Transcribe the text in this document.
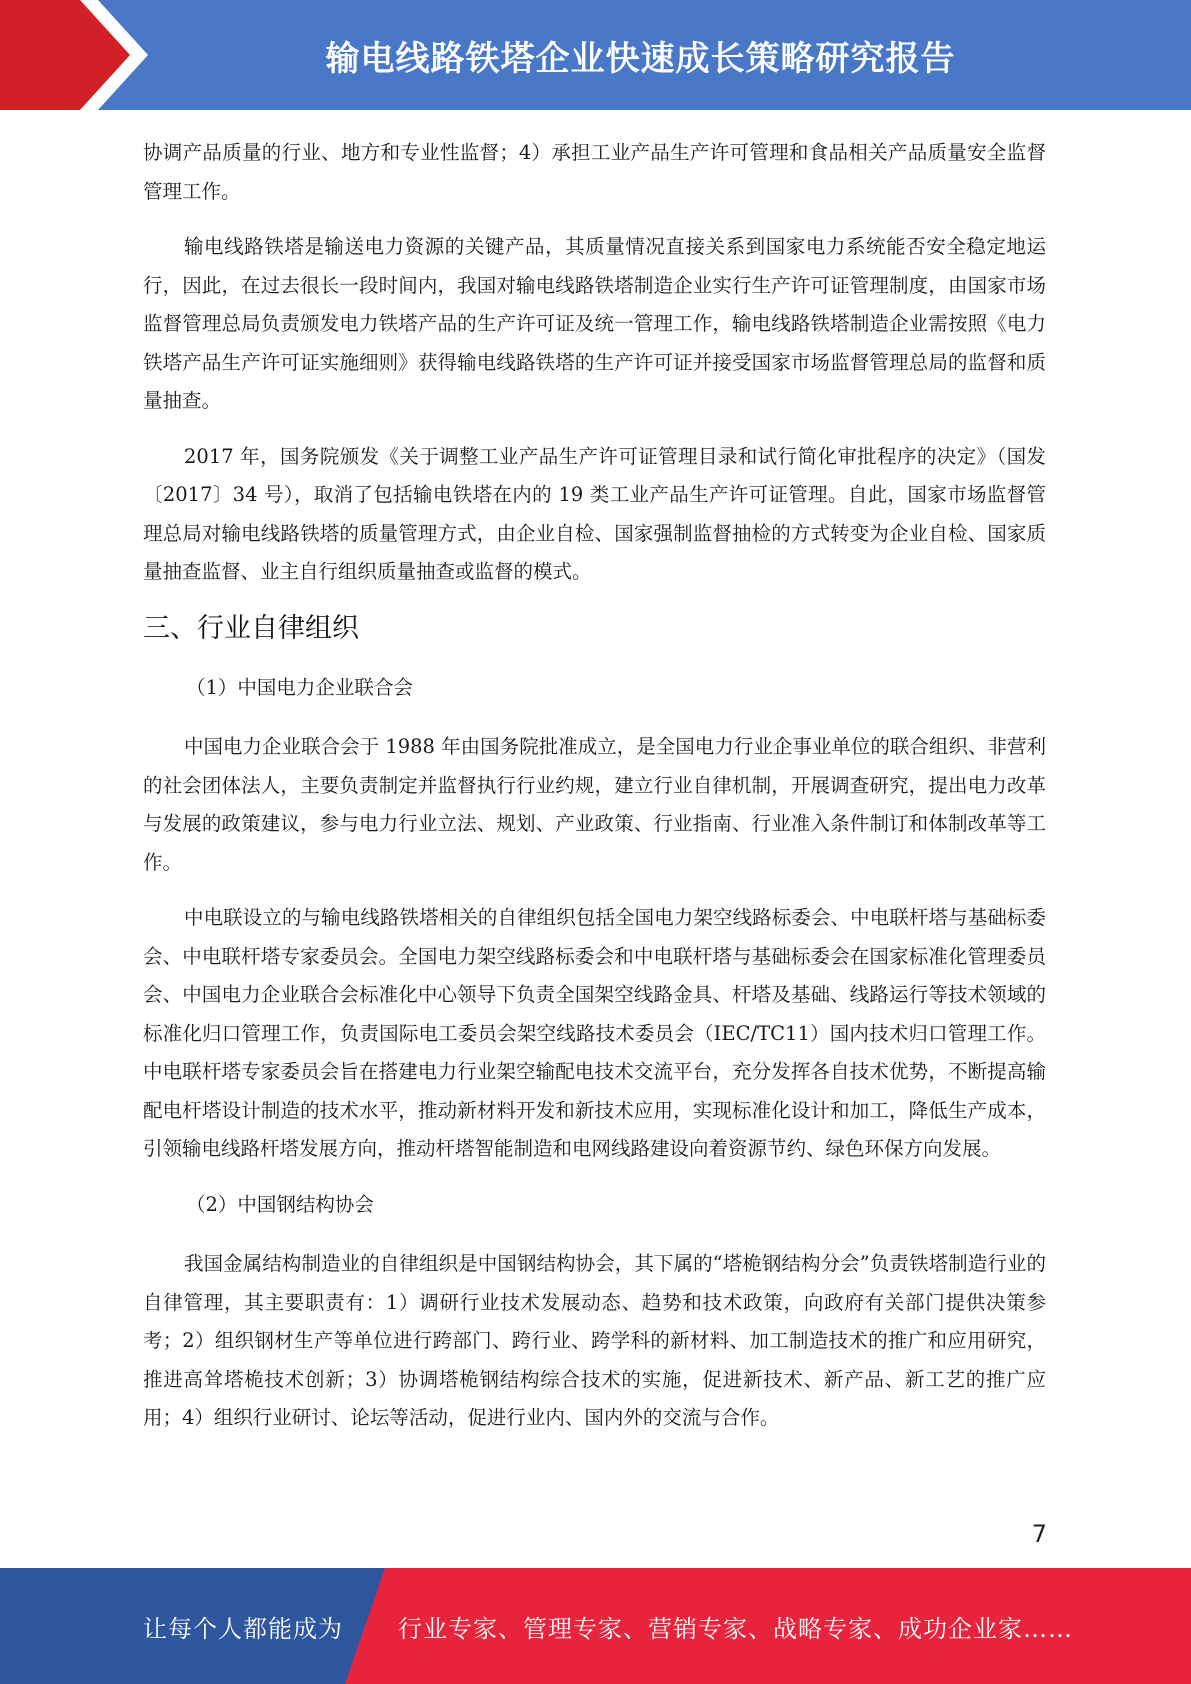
输电线路铁塔企业快速成长策略研究报告

协调产品质量的行业、地方和专业性监督；4）承担工业产品生产许可管理和食品相关产品质量安全监督管理工作。

输电线路铁塔是输送电力资源的关键产品，其质量情况直接关系到国家电力系统能否安全稳定地运行，因此，在过去很长一段时间内，我国对输电线路铁塔制造企业实行生产许可证管理制度，由国家市场监督管理总局负责颁发电力铁塔产品的生产许可证及统一管理工作，输电线路铁塔制造企业需按照《电力铁塔产品生产许可证实施细则》获得输电线路铁塔的生产许可证并接受国家市场监督管理总局的监督和质量抽查。

2017 年，国务院颁发《关于调整工业产品生产许可证管理目录和试行简化审批程序的决定》（国发〔2017〕34 号），取消了包括输电铁塔在内的 19 类工业产品生产许可证管理。自此，国家市场监督管理总局对输电线路铁塔的质量管理方式，由企业自检、国家强制监督抽检的方式转变为企业自检、国家质量抽查监督、业主自行组织质量抽查或监督的模式。

三、行业自律组织
（1）中国电力企业联合会

中国电力企业联合会于 1988 年由国务院批准成立，是全国电力行业企事业单位的联合组织、非营利的社会团体法人，主要负责制定并监督执行行业约规，建立行业自律机制，开展调查研究，提出电力改革与发展的政策建议，参与电力行业立法、规划、产业政策、行业指南、行业准入条件制订和体制改革等工作。

中电联设立的与输电线路铁塔相关的自律组织包括全国电力架空线路标委会、中电联杆塔与基础标委会、中电联杆塔专家委员会。全国电力架空线路标委会和中电联杆塔与基础标委会在国家标准化管理委员会、中国电力企业联合会标准化中心领导下负责全国架空线路金具、杆塔及基础、线路运行等技术领域的标准化归口管理工作，负责国际电工委员会架空线路技术委员会（IEC/TC11）国内技术归口管理工作。中电联杆塔专家委员会旨在搭建电力行业架空输配电技术交流平台，充分发挥各自技术优势，不断提高输配电杆塔设计制造的技术水平，推动新材料开发和新技术应用，实现标准化设计和加工，降低生产成本，引领输电线路杆塔发展方向，推动杆塔智能制造和电网线路建设向着资源节约、绿色环保方向发展。

（2）中国钢结构协会

我国金属结构制造业的自律组织是中国钢结构协会，其下属的“塔桅钢结构分会”负责铁塔制造行业的自律管理，其主要职责有：1）调研行业技术发展动态、趋势和技术政策，向政府有关部门提供决策参考；2）组织钢材生产等单位进行跨部门、跨行业、跨学科的新材料、加工制造技术的推广和应用研究，推进高耸塔桅技术创新；3）协调塔桅钢结构综合技术的实施，促进新技术、新产品、新工艺的推广应用；4）组织行业研讨、论坛等活动，促进行业内、国内外的交流与合作。

7
让每个人都能成为 行业专家、管理专家、营销专家、战略专家、成功企业家……
